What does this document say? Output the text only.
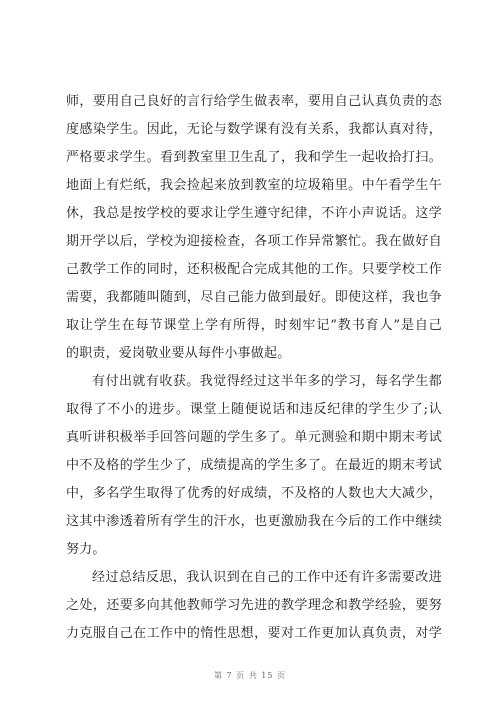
师，要用自己良好的言行给学生做表率，要用自己认真负责的态
度感染学生。因此，无论与数学课有没有关系，我都认真对待，
严格要求学生。看到教室里卫生乱了，我和学生一起收拾打扫。
地面上有烂纸，我会捡起来放到教室的垃圾箱里。中午看学生午
休，我总是按学校的要求让学生遵守纪律，不许小声说话。这学
期开学以后，学校为迎接检查，各项工作异常繁忙。我在做好自
己教学工作的同时，还积极配合完成其他的工作。只要学校工作
需要，我都随叫随到，尽自己能力做到最好。即使这样，我也争
取让学生在每节课堂上学有所得，时刻牢记“教书育人”是自己
的职责，爱岗敬业要从每件小事做起。
有付出就有收获。我觉得经过这半年多的学习，每名学生都
取得了不小的进步。课堂上随便说话和违反纪律的学生少了;认
真听讲积极举手回答问题的学生多了。单元测验和期中期末考试
中不及格的学生少了，成绩提高的学生多了。在最近的期末考试
中，多名学生取得了优秀的好成绩，不及格的人数也大大减少，
这其中渗透着所有学生的汗水，也更激励我在今后的工作中继续
努力。
经过总结反思，我认识到在自己的工作中还有许多需要改进
之处，还要多向其他教师学习先进的教学理念和教学经验，要努
力克服自己在工作中的惰性思想，要对工作更加认真负责，对学
第 7 页 共 15 页
